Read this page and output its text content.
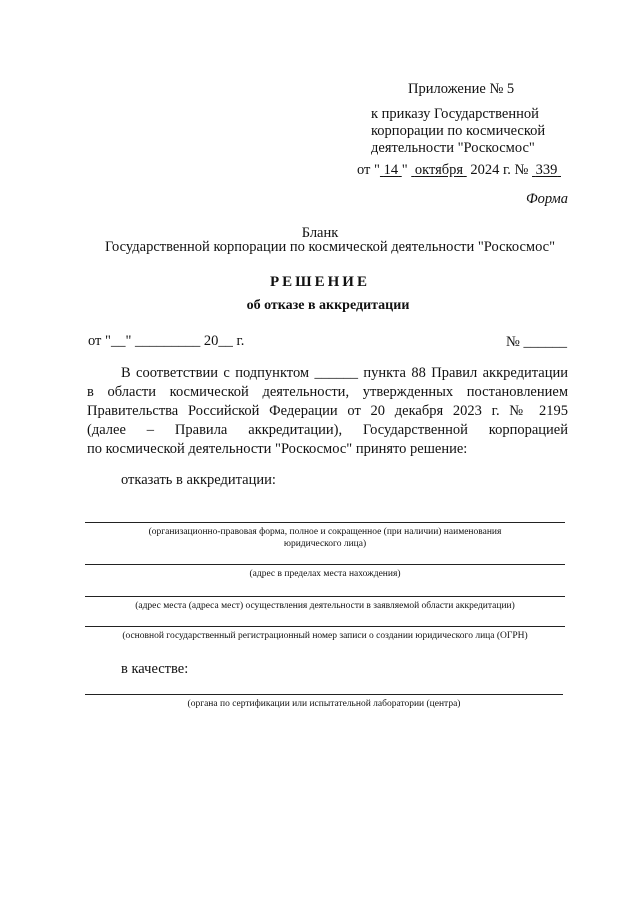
Приложение № 5
к приказу Государственной
корпорации по космической
деятельности "Роскосмос"
от " 14 " октября 2024 г. № 339
Форма
Бланк
Государственной корпорации по космической деятельности "Роскосмос"
РЕШЕНИЕ
об отказе в аккредитации
от "__" _________ 20__ г.	№ ______
В соответствии с подпунктом ______ пункта 88 Правил аккредитации
в области космической деятельности, утвержденных постановлением
Правительства Российской Федерации от 20 декабря 2023 г. № 2195
(далее – Правила аккредитации), Государственной корпорацией
по космической деятельности "Роскосмос" принято решение:
отказать в аккредитации:
(организационно-правовая форма, полное и сокращенное (при наличии) наименования
юридического лица)
(адрес в пределах места нахождения)
(адрес места (адреса мест) осуществления деятельности в заявляемой области аккредитации)
(основной государственный регистрационный номер записи о создании юридического лица (ОГРН)
в качестве:
(органа по сертификации или испытательной лаборатории (центра)
